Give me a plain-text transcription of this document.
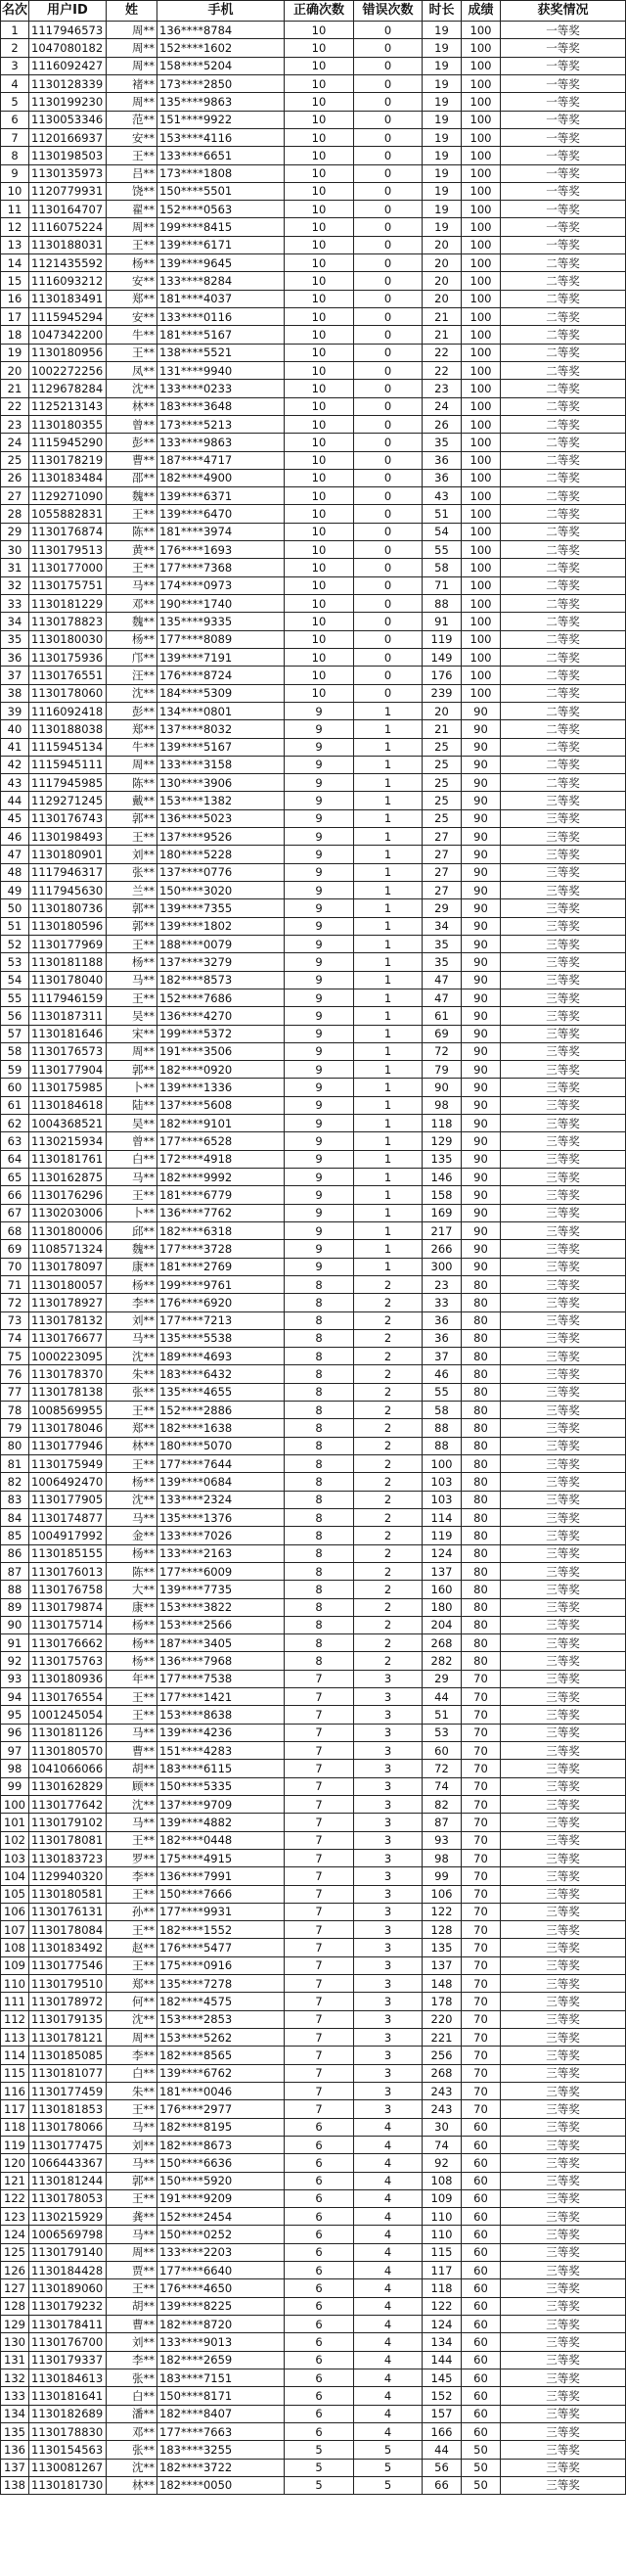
名次	用户ID	姓	手机	正确次数	错误次数	时长	成绩	获奖情况
1	1117946573	周**	136****8784	10	0	19	100	一等奖
2	1047080182	周**	152****1602	10	0	19	100	一等奖
3	1116092427	周**	158****5204	10	0	19	100	一等奖
4	1130128339	褚**	173****2850	10	0	19	100	一等奖
5	1130199230	周**	135****9863	10	0	19	100	一等奖
6	1130053346	范**	151****9922	10	0	19	100	一等奖
7	1120166937	安**	153****4116	10	0	19	100	一等奖
8	1130198503	王**	133****6651	10	0	19	100	一等奖
9	1130135973	吕**	173****1808	10	0	19	100	一等奖
10	1120779931	饶**	150****5501	10	0	19	100	一等奖
11	1130164707	翟**	152****0563	10	0	19	100	一等奖
12	1116075224	周**	199****8415	10	0	19	100	一等奖
13	1130188031	王**	139****6171	10	0	20	100	一等奖
14	1121435592	杨**	139****9645	10	0	20	100	二等奖
15	1116093212	安**	133****8284	10	0	20	100	二等奖
16	1130183491	郑**	181****4037	10	0	20	100	二等奖
17	1115945294	安**	133****0116	10	0	21	100	二等奖
18	1047342200	牛**	181****5167	10	0	21	100	二等奖
19	1130180956	王**	138****5521	10	0	22	100	二等奖
20	1002272256	凤**	131****9940	10	0	22	100	二等奖
21	1129678284	沈**	133****0233	10	0	23	100	二等奖
22	1125213143	林**	183****3648	10	0	24	100	二等奖
23	1130180355	曾**	173****5213	10	0	26	100	二等奖
24	1115945290	彭**	133****9863	10	0	35	100	二等奖
25	1130178219	曹**	187****4717	10	0	36	100	二等奖
26	1130183484	邵**	182****4900	10	0	36	100	二等奖
27	1129271090	魏**	139****6371	10	0	43	100	二等奖
28	1055882831	王**	139****6470	10	0	51	100	二等奖
29	1130176874	陈**	181****3974	10	0	54	100	二等奖
30	1130179513	黄**	176****1693	10	0	55	100	二等奖
31	1130177000	王**	177****7368	10	0	58	100	二等奖
32	1130175751	马**	174****0973	10	0	71	100	二等奖
33	1130181229	邓**	190****1740	10	0	88	100	二等奖
34	1130178823	魏**	135****9335	10	0	91	100	二等奖
35	1130180030	杨**	177****8089	10	0	119	100	二等奖
36	1130175936	邝**	139****7191	10	0	149	100	二等奖
37	1130176551	汪**	176****8724	10	0	176	100	二等奖
38	1130178060	沈**	184****5309	10	0	239	100	二等奖
39	1116092418	彭**	134****0801	9	1	20	90	二等奖
40	1130188038	郑**	137****8032	9	1	21	90	二等奖
41	1115945134	牛**	139****5167	9	1	25	90	二等奖
42	1115945111	周**	133****3158	9	1	25	90	二等奖
43	1117945985	陈**	130****3906	9	1	25	90	二等奖
44	1129271245	戴**	153****1382	9	1	25	90	三等奖
45	1130176743	郭**	136****5023	9	1	25	90	三等奖
46	1130198493	王**	137****9526	9	1	27	90	三等奖
47	1130180901	刘**	180****5228	9	1	27	90	三等奖
48	1117946317	张**	137****0776	9	1	27	90	三等奖
49	1117945630	兰**	150****3020	9	1	27	90	三等奖
50	1130180736	郭**	139****7355	9	1	29	90	三等奖
51	1130180596	郭**	139****1802	9	1	34	90	三等奖
52	1130177969	王**	188****0079	9	1	35	90	三等奖
53	1130181188	杨**	137****3279	9	1	35	90	三等奖
54	1130178040	马**	182****8573	9	1	47	90	三等奖
55	1117946159	王**	152****7686	9	1	47	90	三等奖
56	1130187311	吴**	136****4270	9	1	61	90	三等奖
57	1130181646	宋**	199****5372	9	1	69	90	三等奖
58	1130176573	周**	191****3506	9	1	72	90	三等奖
59	1130177904	郭**	182****0920	9	1	79	90	三等奖
60	1130175985	卜**	139****1336	9	1	90	90	三等奖
61	1130184618	陆**	137****5608	9	1	98	90	三等奖
62	1004368521	吴**	182****9101	9	1	118	90	三等奖
63	1130215934	曾**	177****6528	9	1	129	90	三等奖
64	1130181761	白**	172****4918	9	1	135	90	三等奖
65	1130162875	马**	182****9992	9	1	146	90	三等奖
66	1130176296	王**	181****6779	9	1	158	90	三等奖
67	1130203006	卜**	136****7762	9	1	169	90	三等奖
68	1130180006	邱**	182****6318	9	1	217	90	三等奖
69	1108571324	魏**	177****3728	9	1	266	90	三等奖
70	1130178097	康**	181****2769	9	1	300	90	三等奖
71	1130180057	杨**	199****9761	8	2	23	80	三等奖
72	1130178927	李**	176****6920	8	2	33	80	三等奖
73	1130178132	刘**	177****7213	8	2	36	80	三等奖
74	1130176677	马**	135****5538	8	2	36	80	三等奖
75	1000223095	沈**	189****4693	8	2	37	80	三等奖
76	1130178370	朱**	183****6432	8	2	46	80	三等奖
77	1130178138	张**	135****4655	8	2	55	80	三等奖
78	1008569955	王**	152****2886	8	2	58	80	三等奖
79	1130178046	郑**	182****1638	8	2	88	80	三等奖
80	1130177946	林**	180****5070	8	2	88	80	三等奖
81	1130175949	王**	177****7644	8	2	100	80	三等奖
82	1006492470	杨**	139****0684	8	2	103	80	三等奖
83	1130177905	沈**	133****2324	8	2	103	80	三等奖
84	1130174877	马**	135****1376	8	2	114	80	三等奖
85	1004917992	金**	133****7026	8	2	119	80	三等奖
86	1130185155	杨**	133****2163	8	2	124	80	三等奖
87	1130176013	陈**	177****6009	8	2	137	80	三等奖
88	1130176758	大**	139****7735	8	2	160	80	三等奖
89	1130179874	康**	153****3822	8	2	180	80	三等奖
90	1130175714	杨**	153****2566	8	2	204	80	三等奖
91	1130176662	杨**	187****3405	8	2	268	80	三等奖
92	1130175763	杨**	136****7968	8	2	282	80	三等奖
93	1130180936	年**	177****7538	7	3	29	70	三等奖
94	1130176554	王**	177****1421	7	3	44	70	三等奖
95	1001245054	王**	153****8638	7	3	51	70	三等奖
96	1130181126	马**	139****4236	7	3	53	70	三等奖
97	1130180570	曹**	151****4283	7	3	60	70	三等奖
98	1041066066	胡**	183****6115	7	3	72	70	三等奖
99	1130162829	顾**	150****5335	7	3	74	70	三等奖
100	1130177642	沈**	137****9709	7	3	82	70	三等奖
101	1130179102	马**	139****4882	7	3	87	70	三等奖
102	1130178081	王**	182****0448	7	3	93	70	三等奖
103	1130183723	罗**	175****4915	7	3	98	70	三等奖
104	1129940320	李**	136****7991	7	3	99	70	三等奖
105	1130180581	王**	150****7666	7	3	106	70	三等奖
106	1130176131	孙**	177****9931	7	3	122	70	三等奖
107	1130178084	王**	182****1552	7	3	128	70	三等奖
108	1130183492	赵**	176****5477	7	3	135	70	三等奖
109	1130177546	王**	175****0916	7	3	137	70	三等奖
110	1130179510	郑**	135****7278	7	3	148	70	三等奖
111	1130178972	何**	182****4575	7	3	178	70	三等奖
112	1130179135	沈**	153****2853	7	3	220	70	三等奖
113	1130178121	周**	153****5262	7	3	221	70	三等奖
114	1130185085	李**	182****8565	7	3	256	70	三等奖
115	1130181077	白**	139****6762	7	3	268	70	三等奖
116	1130177459	朱**	181****0046	7	3	243	70	三等奖
117	1130181853	王**	176****2977	7	3	243	70	三等奖
118	1130178066	马**	182****8195	6	4	30	60	三等奖
119	1130177475	刘**	182****8673	6	4	74	60	三等奖
120	1066443367	马**	150****6636	6	4	92	60	三等奖
121	1130181244	郭**	150****5920	6	4	108	60	三等奖
122	1130178053	王**	191****9209	6	4	109	60	三等奖
123	1130215929	龚**	152****2454	6	4	110	60	三等奖
124	1006569798	马**	150****0252	6	4	110	60	三等奖
125	1130179140	周**	133****2203	6	4	115	60	三等奖
126	1130184428	贾**	177****6640	6	4	117	60	三等奖
127	1130189060	王**	176****4650	6	4	118	60	三等奖
128	1130179232	胡**	139****8225	6	4	122	60	三等奖
129	1130178411	曹**	182****8720	6	4	124	60	三等奖
130	1130176700	刘**	133****9013	6	4	134	60	三等奖
131	1130179337	李**	182****2659	6	4	144	60	三等奖
132	1130184613	张**	183****7151	6	4	145	60	三等奖
133	1130181641	白**	150****8171	6	4	152	60	三等奖
134	1130182689	潘**	182****8407	6	4	157	60	三等奖
135	1130178830	邓**	177****7663	6	4	166	60	三等奖
136	1130154563	张**	183****3255	5	5	44	50	三等奖
137	1130081267	沈**	182****3722	5	5	56	50	三等奖
138	1130181730	林**	182****0050	5	5	66	50	三等奖
